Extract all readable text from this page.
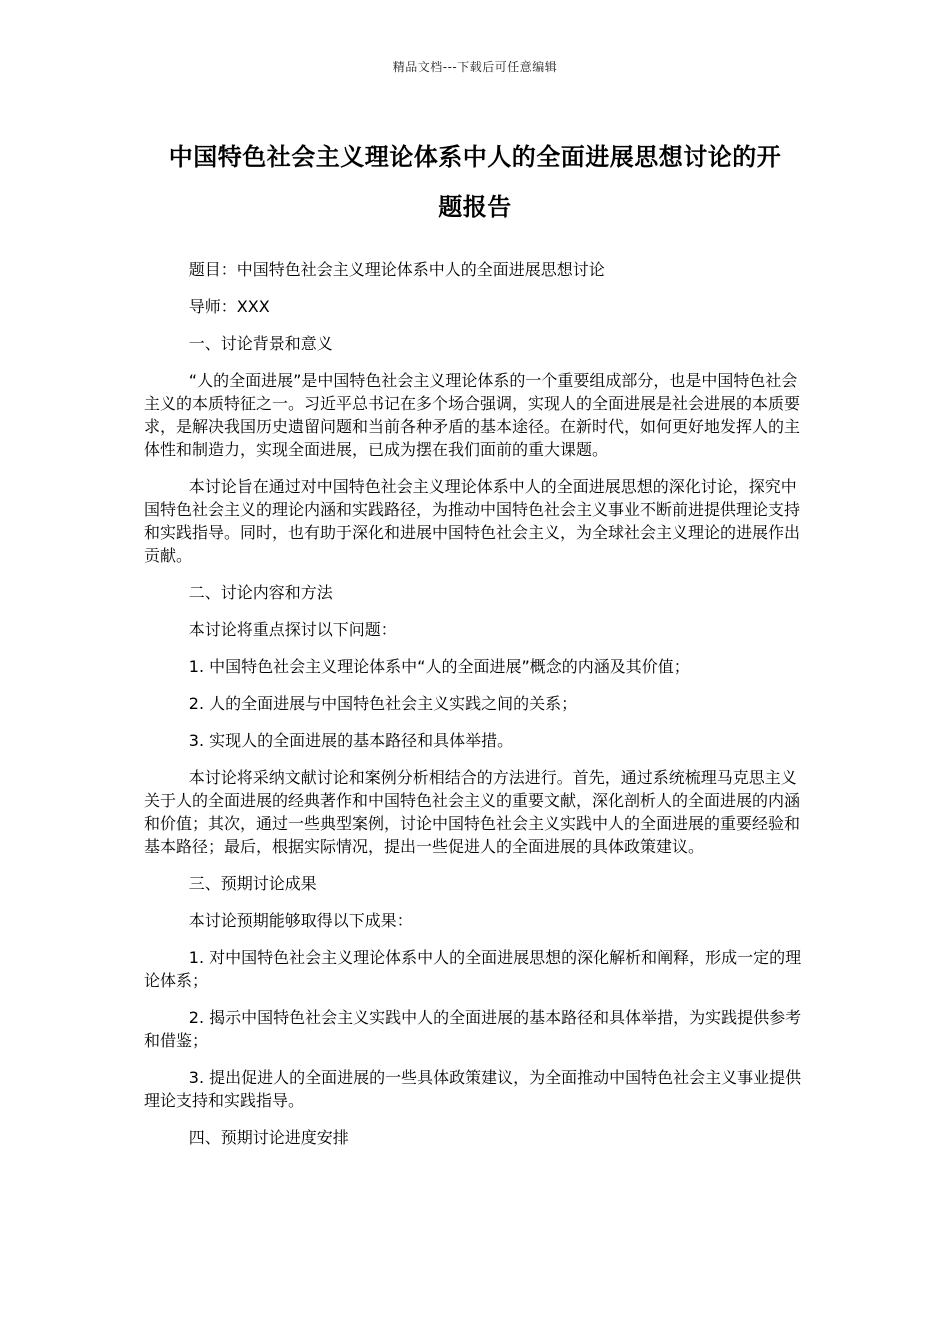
精品文档---下载后可任意编辑
中国特色社会主义理论体系中人的全面进展思想讨论的开
题报告

题目：中国特色社会主义理论体系中人的全面进展思想讨论

导师：XXX

一、讨论背景和意义

“人的全面进展”是中国特色社会主义理论体系的一个重要组成部分，也是中国特色社会主义的本质特征之一。习近平总书记在多个场合强调，实现人的全面进展是社会进展的本质要求，是解决我国历史遗留问题和当前各种矛盾的基本途径。在新时代，如何更好地发挥人的主体性和制造力，实现全面进展，已成为摆在我们面前的重大课题。

本讨论旨在通过对中国特色社会主义理论体系中人的全面进展思想的深化讨论，探究中国特色社会主义的理论内涵和实践路径，为推动中国特色社会主义事业不断前进提供理论支持和实践指导。同时，也有助于深化和进展中国特色社会主义，为全球社会主义理论的进展作出贡献。

二、讨论内容和方法

本讨论将重点探讨以下问题：

1. 中国特色社会主义理论体系中“人的全面进展”概念的内涵及其价值；

2. 人的全面进展与中国特色社会主义实践之间的关系；

3. 实现人的全面进展的基本路径和具体举措。

本讨论将采纳文献讨论和案例分析相结合的方法进行。首先，通过系统梳理马克思主义关于人的全面进展的经典著作和中国特色社会主义的重要文献，深化剖析人的全面进展的内涵和价值；其次，通过一些典型案例，讨论中国特色社会主义实践中人的全面进展的重要经验和基本路径；最后，根据实际情况，提出一些促进人的全面进展的具体政策建议。

三、预期讨论成果

本讨论预期能够取得以下成果：

1. 对中国特色社会主义理论体系中人的全面进展思想的深化解析和阐释，形成一定的理论体系；

2. 揭示中国特色社会主义实践中人的全面进展的基本路径和具体举措，为实践提供参考和借鉴；

3. 提出促进人的全面进展的一些具体政策建议，为全面推动中国特色社会主义事业提供理论支持和实践指导。

四、预期讨论进度安排
